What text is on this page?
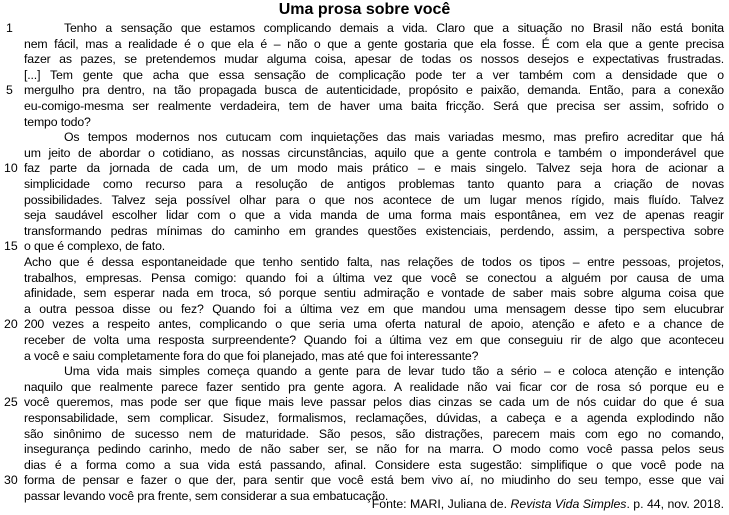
Uma prosa sobre você
Tenho a sensação que estamos complicando demais a vida. Claro que a situação no Brasil não está bonita
1
nem fácil, mas a realidade é o que ela é – não o que a gente gostaria que ela fosse. É com ela que a gente precisa
fazer as pazes, se pretendemos mudar alguma coisa, apesar de todas os nossos desejos e expectativas frustradas.
[...] Tem gente que acha que essa sensação de complicação pode ter a ver também com a densidade que o
mergulho pra dentro, na tão propagada busca de autenticidade, propósito e paixão, demanda. Então, para a conexão
5
eu-comigo-mesma ser realmente verdadeira, tem de haver uma baita fricção. Será que precisa ser assim, sofrido o
tempo todo?
Os tempos modernos nos cutucam com inquietações das mais variadas mesmo, mas prefiro acreditar que há
um jeito de abordar o cotidiano, as nossas circunstâncias, aquilo que a gente controla e também o imponderável que
faz parte da jornada de cada um, de um modo mais prático – e mais singelo. Talvez seja hora de acionar a
10
simplicidade como recurso para a resolução de antigos problemas tanto quanto para a criação de novas
possibilidades. Talvez seja possível olhar para o que nos acontece de um lugar menos rígido, mais fluído. Talvez
seja saudável escolher lidar com o que a vida manda de uma forma mais espontânea, em vez de apenas reagir
transformando pedras mínimas do caminho em grandes questões existenciais, perdendo, assim, a perspectiva sobre
o que é complexo, de fato.
15
Acho que é dessa espontaneidade que tenho sentido falta, nas relações de todos os tipos – entre pessoas, projetos,
trabalhos, empresas. Pensa comigo: quando foi a última vez que você se conectou a alguém por causa de uma
afinidade, sem esperar nada em troca, só porque sentiu admiração e vontade de saber mais sobre alguma coisa que
a outra pessoa disse ou fez? Quando foi a última vez em que mandou uma mensagem desse tipo sem elucubrar
200 vezes a respeito antes, complicando o que seria uma oferta natural de apoio, atenção e afeto e a chance de
20
receber de volta uma resposta surpreendente? Quando foi a última vez em que conseguiu rir de algo que aconteceu
a você e saiu completamente fora do que foi planejado, mas até que foi interessante?
Uma vida mais simples começa quando a gente para de levar tudo tão a sério – e coloca atenção e intenção
naquilo que realmente parece fazer sentido pra gente agora. A realidade não vai ficar cor de rosa só porque eu e
você queremos, mas pode ser que fique mais leve passar pelos dias cinzas se cada um de nós cuidar do que é sua
25
responsabilidade, sem complicar. Sisudez, formalismos, reclamações, dúvidas, a cabeça e a agenda explodindo não
são sinônimo de sucesso nem de maturidade. São pesos, são distrações, parecem mais com ego no comando,
insegurança pedindo carinho, medo de não saber ser, se não for na marra. O modo como você passa pelos seus
dias é a forma como a sua vida está passando, afinal. Considere esta sugestão: simplifique o que você pode na
forma de pensar e fazer o que der, para sentir que você está bem vivo aí, no miudinho do seu tempo, esse que vai
30
passar levando você pra frente, sem considerar a sua embatucação.
Fonte: MARI, Juliana de. Revista Vida Simples. p. 44, nov. 2018.
